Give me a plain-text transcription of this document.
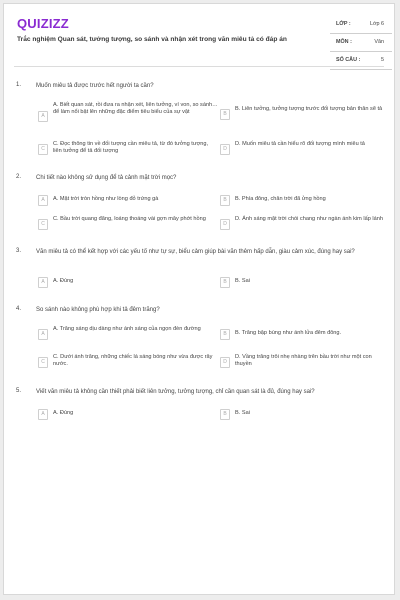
QUIZIZZ
Trắc nghiệm Quan sát, tưởng tượng, so sánh và nhận xét trong văn miêu tả có đáp án
LỚP :	Lớp 6
MÔN :	Văn
SỐ CÂU :	5
1. Muốn miêu tả được trước hết người ta cần?
A
A. Biết quan sát, rồi đưa ra nhận xét, liên tưởng, ví von, so sánh… để làm nổi bật lên những đặc điểm tiêu biểu của sự vật	B
B. Liên tưởng, tưởng tượng trước đối tượng bản thân sẽ tả
C
C. Đọc thông tin về đối tượng cần miêu tả, từ đó tưởng tượng, liên tưởng để tả đối tượng	D
D. Muốn miêu tả cần hiểu rõ đối tượng mình miêu tả
2. Chi tiết nào không sử dụng để tả cảnh mặt trời mọc?
A	A. Mặt trời tròn hồng như lòng đỏ trứng gà	B	B. Phía đông, chân trời đã ửng hồng
C
C. Bầu trời quang đãng, loáng thoáng vài gợn mây phớt hồng
D
D. Ánh sáng mặt trời chói chang như ngàn ánh kim lấp lánh
3. Văn miêu tả có thể kết hợp với các yếu tố như tự sự, biểu cảm giúp bài văn thêm hấp dẫn, giàu cảm xúc, đúng hay sai?
A	A. Đúng	B	B. Sai
4. So sánh nào không phù hợp khi tả đêm trăng?
A
A. Trăng sáng dịu dàng như ánh sáng của ngọn đèn đường
B	B. Trăng bập bùng như ánh lửa đêm đông.
C
C. Dưới ánh trăng, những chiếc lá sáng bóng như vừa được rây nước.	D
D. Vầng trăng trôi nhẹ nhàng trên bầu trời như một con thuyền
5. Viết văn miêu tả không cần thiết phải biết liên tưởng, tưởng tượng, chỉ cần quan sát là đủ, đúng hay sai?
A	A. Đúng	B	B. Sai
